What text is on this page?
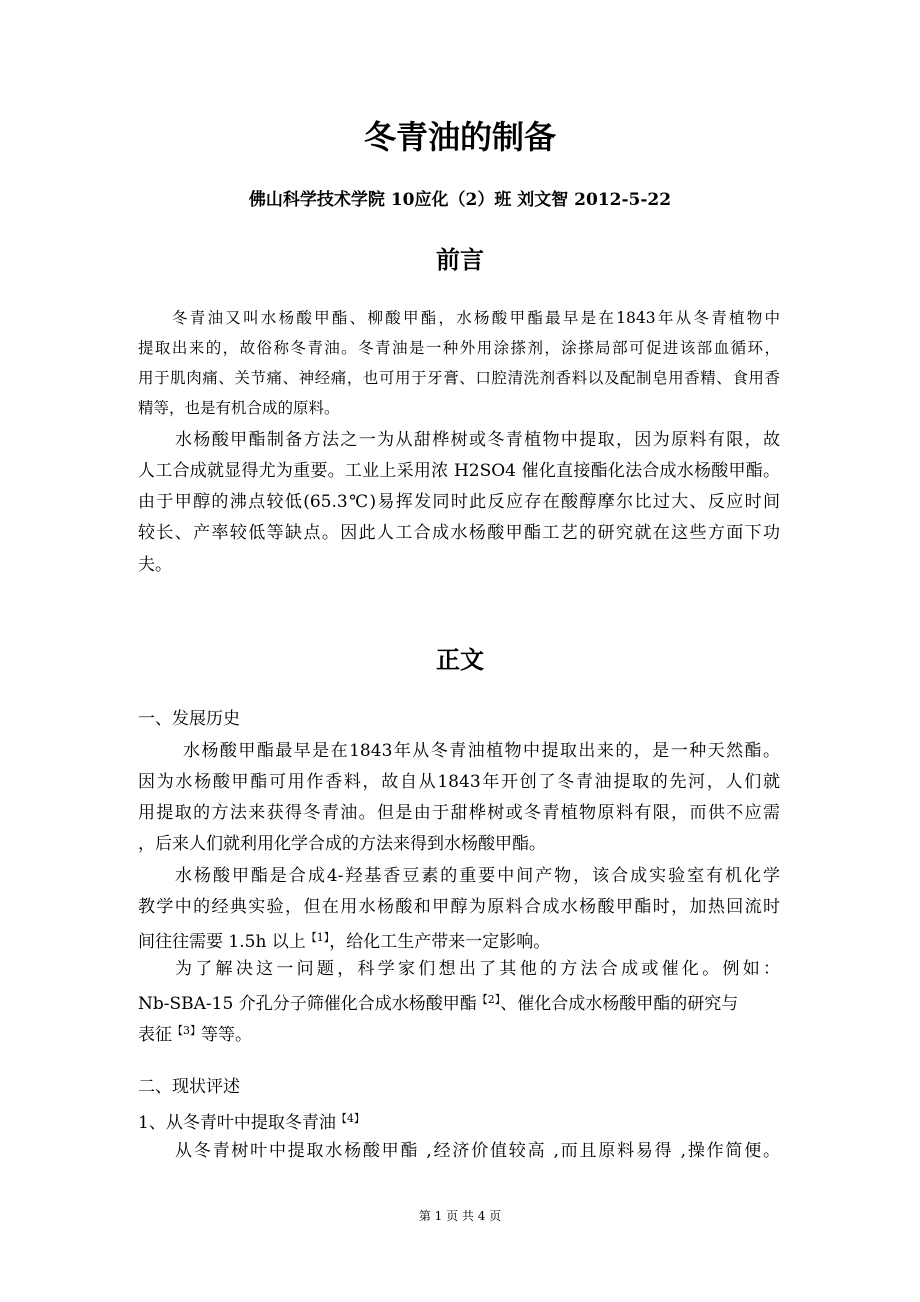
冬青油的制备
佛山科学技术学院 10应化（2）班 刘文智 2012-5-22
前言
冬青油又叫水杨酸甲酯、柳酸甲酯，水杨酸甲酯最早是在1843年从冬青植物中
提取出来的，故俗称冬青油。冬青油是一种外用涂搽剂，涂搽局部可促进该部血循环，
用于肌肉痛、关节痛、神经痛，也可用于牙膏、口腔清洗剂香料以及配制皂用香精、食用香
精等，也是有机合成的原料。
水杨酸甲酯制备方法之一为从甜桦树或冬青植物中提取，因为原料有限，故
人工合成就显得尤为重要。工业上采用浓 H2SO4 催化直接酯化法合成水杨酸甲酯。
由于甲醇的沸点较低(65.3℃)易挥发同时此反应存在酸醇摩尔比过大、反应时间
较长、产率较低等缺点。因此人工合成水杨酸甲酯工艺的研究就在这些方面下功
夫。
正文
一、发展历史
水杨酸甲酯最早是在1843年从冬青油植物中提取出来的，是一种天然酯。
因为水杨酸甲酯可用作香料，故自从1843年开创了冬青油提取的先河，人们就
用提取的方法来获得冬青油。但是由于甜桦树或冬青植物原料有限，而供不应需
，后来人们就利用化学合成的方法来得到水杨酸甲酯。
水杨酸甲酯是合成4-羟基香豆素的重要中间产物，该合成实验室有机化学
教学中的经典实验，但在用水杨酸和甲醇为原料合成水杨酸甲酯时，加热回流时
间往往需要 1.5h 以上$^{【1】}$，给化工生产带来一定影响。
为了解决这一问题，科学家们想出了其他的方法合成或催化。例如：
Nb-SBA-15 介孔分子筛催化合成水杨酸甲酯$^{【2】}$、催化合成水杨酸甲酯的研究与
表征$^{【3】}$等等。
二、现状评述
1、从冬青叶中提取冬青油$^{【4】}$
从冬青树叶中提取水杨酸甲酯 ,经济价值较高 ,而且原料易得 ,操作简便。
第 1 页 共 4 页
